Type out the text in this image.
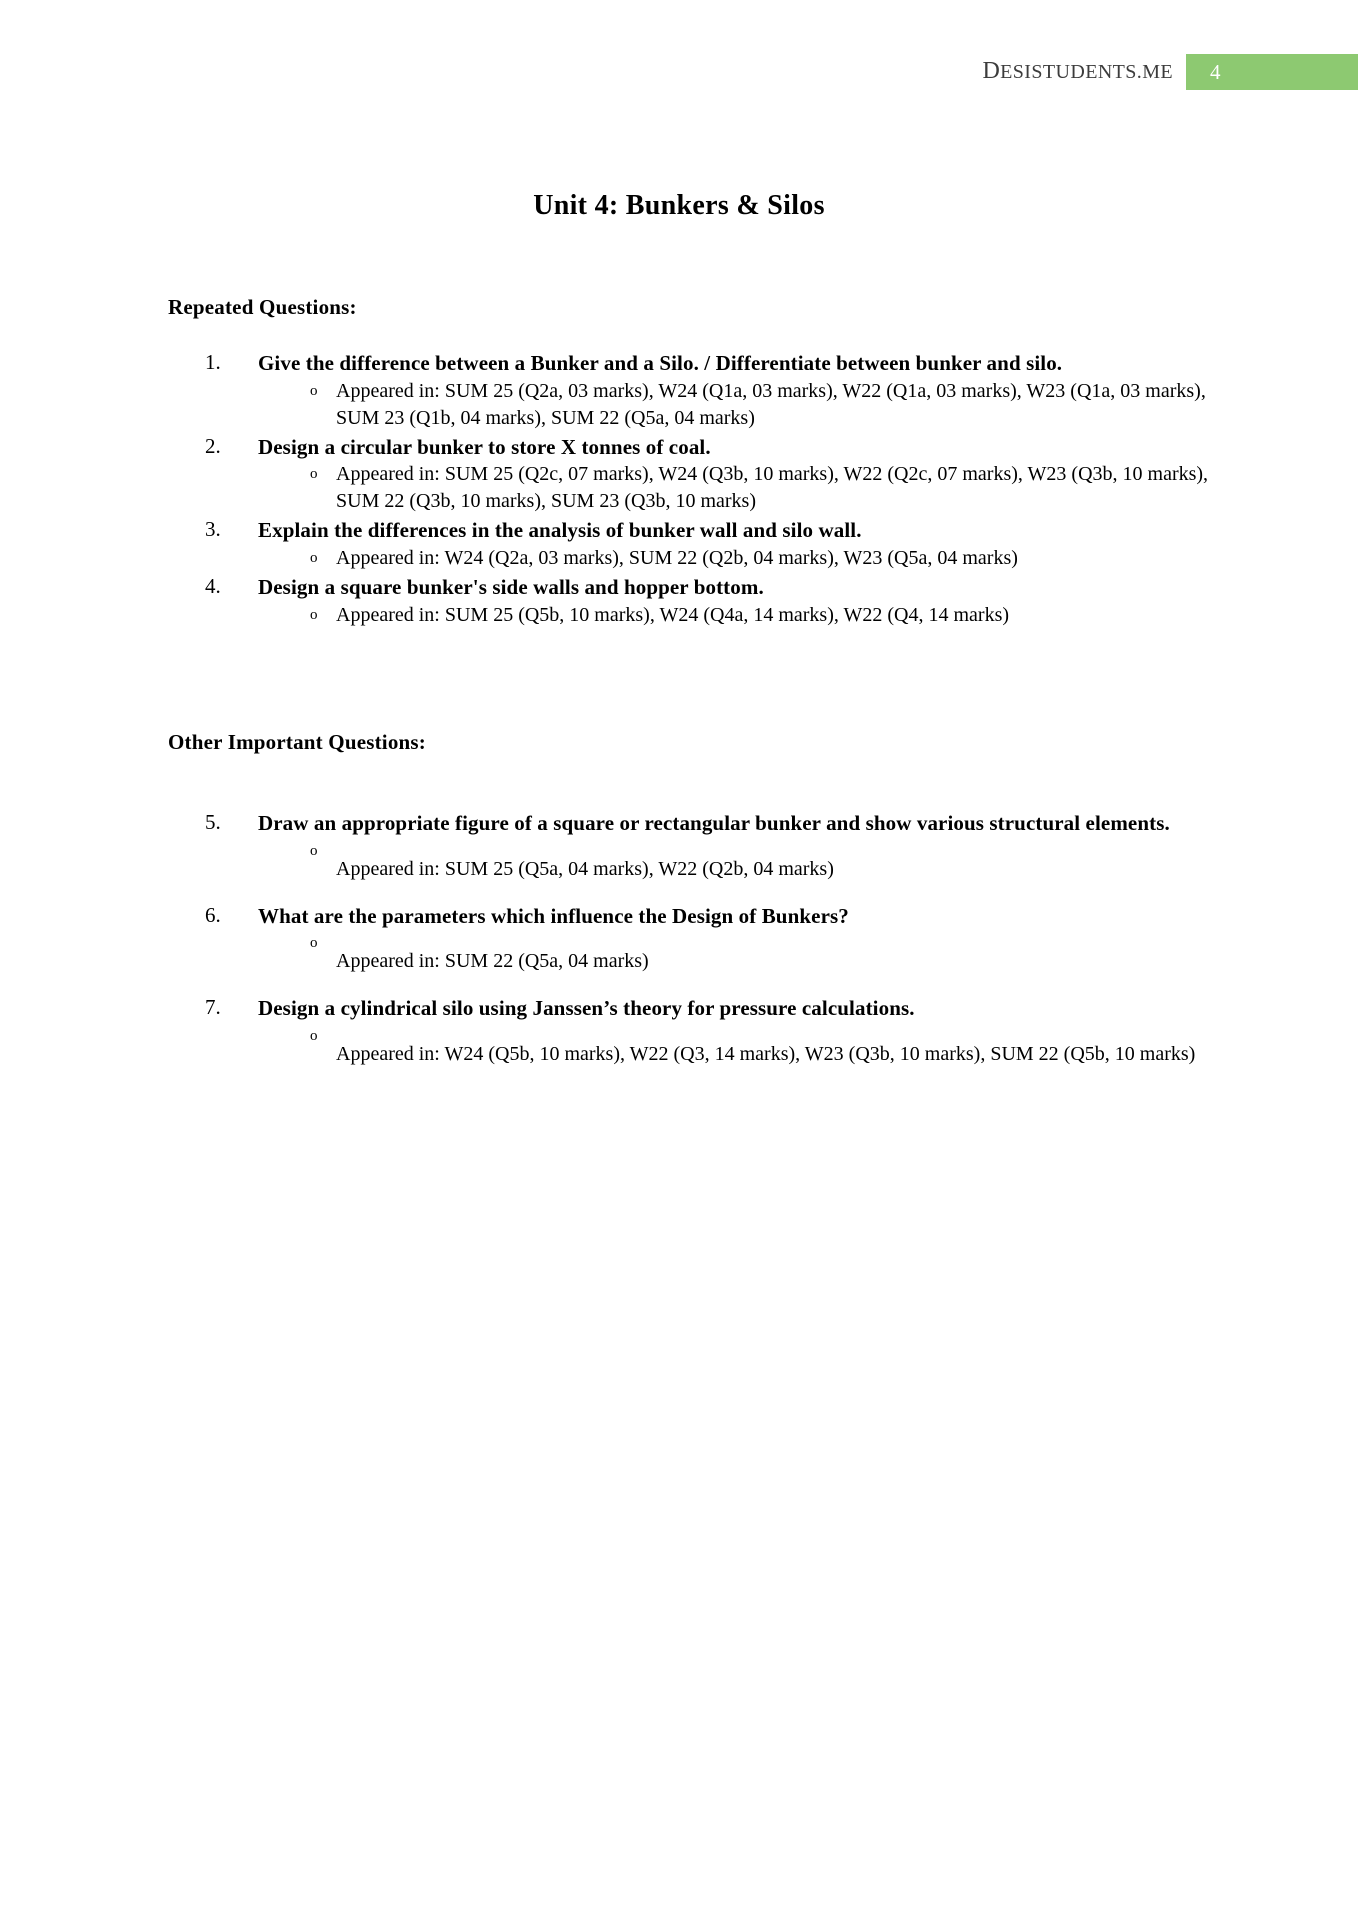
DESISTUDENTS.ME 4
Unit 4: Bunkers & Silos
Repeated Questions:
1. Give the difference between a Bunker and a Silo. / Differentiate between bunker and silo.
o Appeared in: SUM 25 (Q2a, 03 marks), W24 (Q1a, 03 marks), W22 (Q1a, 03 marks), W23 (Q1a, 03 marks), SUM 23 (Q1b, 04 marks), SUM 22 (Q5a, 04 marks)
2. Design a circular bunker to store X tonnes of coal.
o Appeared in: SUM 25 (Q2c, 07 marks), W24 (Q3b, 10 marks), W22 (Q2c, 07 marks), W23 (Q3b, 10 marks), SUM 22 (Q3b, 10 marks), SUM 23 (Q3b, 10 marks)
3. Explain the differences in the analysis of bunker wall and silo wall.
o Appeared in: W24 (Q2a, 03 marks), SUM 22 (Q2b, 04 marks), W23 (Q5a, 04 marks)
4. Design a square bunker's side walls and hopper bottom.
o Appeared in: SUM 25 (Q5b, 10 marks), W24 (Q4a, 14 marks), W22 (Q4, 14 marks)
Other Important Questions:
5. Draw an appropriate figure of a square or rectangular bunker and show various structural elements.
o
Appeared in: SUM 25 (Q5a, 04 marks), W22 (Q2b, 04 marks)
6. What are the parameters which influence the Design of Bunkers?
o
Appeared in: SUM 22 (Q5a, 04 marks)
7. Design a cylindrical silo using Janssen’s theory for pressure calculations.
o
Appeared in: W24 (Q5b, 10 marks), W22 (Q3, 14 marks), W23 (Q3b, 10 marks), SUM 22 (Q5b, 10 marks)
